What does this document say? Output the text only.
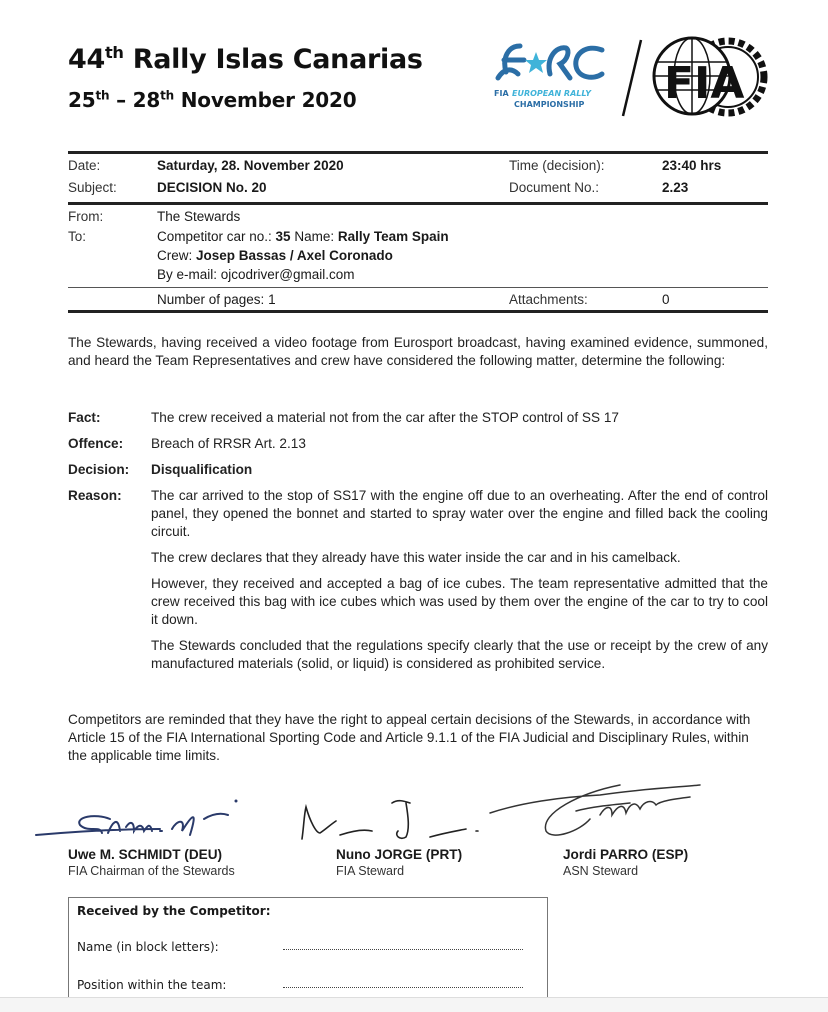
44th Rally Islas Canarias
25th – 28th November 2020	FIA EUROPEAN RALLY
CHAMPIONSHIP FIA
Date:	Saturday, 28. November 2020	Time (decision):	23:40 hrs
Subject:	DECISION No. 20	Document No.:	2.23
From:	The Stewards
To:	Competitor car no.: 35 Name: Rally Team Spain
Crew: Josep Bassas / Axel Coronado
By e-mail: ojcodriver@gmail.com
Number of pages: 1	Attachments:	0
The Stewards, having received a video footage from Eurosport broadcast, having examined evidence, summoned, and heard the Team Representatives and crew have considered the following matter, determine the following:
Fact:	The crew received a material not from the car after the STOP control of SS 17
Offence:	Breach of RRSR Art. 2.13
Decision:	Disqualification
Reason:	The car arrived to the stop of SS17 with the engine off due to an overheating. After the end of control panel, they opened the bonnet and started to spray water over the engine and filled back the cooling circuit.

The crew declares that they already have this water inside the car and in his camelback.

However, they received and accepted a bag of ice cubes. The team representative admitted that the crew received this bag with ice cubes which was used by them over the engine of the car to try to cool it down.

The Stewards concluded that the regulations specify clearly that the use or receipt by the crew of any manufactured materials (solid, or liquid) is considered as prohibited service.

Competitors are reminded that they have the right to appeal certain decisions of the Stewards, in accordance with Article 15 of the FIA International Sporting Code and Article 9.1.1 of the FIA Judicial and Disciplinary Rules, within the applicable time limits.
Uwe M. SCHMIDT (DEU)
FIA Chairman of the Stewards
Nuno JORGE (PRT)
FIA Steward
Jordi PARRO (ESP)
ASN Steward
Received by the Competitor:
Name (in block letters):
Position within the team:
